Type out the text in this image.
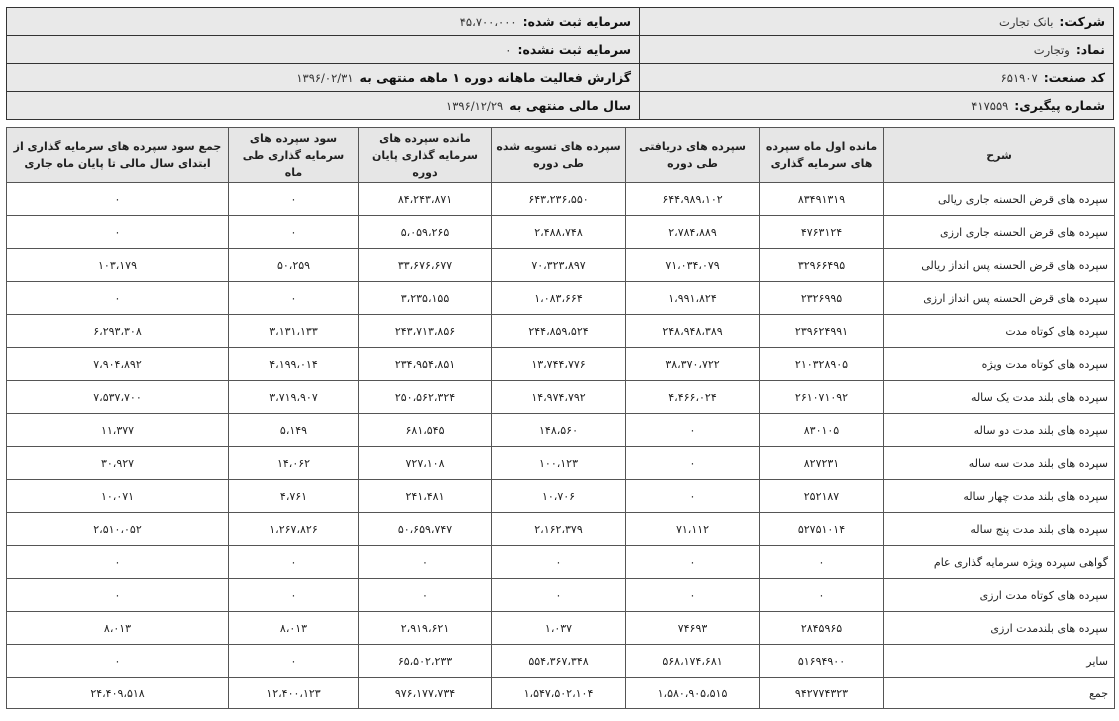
شرکت:
بانک تجارت
نماد:
وتجارت
کد صنعت:
۶۵۱۹۰۷
شماره پیگیری:
۴۱۷۵۵۹
سرمایه ثبت شده:
۴۵،۷۰۰،۰۰۰
سرمایه ثبت نشده:
۰
گزارش فعالیت ماهانه دوره ۱ ماهه منتهی به
۱۳۹۶/۰۲/۳۱
سال مالی منتهی به
۱۳۹۶/۱۲/۲۹
شرح	مانده اول ماه سپرده های سرمایه گذاری	سپرده های دریافتی طی دوره	سپرده های تسویه شده طی دوره	مانده سپرده های سرمایه گذاری پایان دوره	سود سپرده های سرمایه گذاری طی ماه	جمع سود سپرده های سرمایه گذاری از ابتدای سال مالی تا پایان ماه جاری
سپرده های قرض الحسنه جاری ریالی	۸۳۴۹۱۳۱۹	۶۴۴،۹۸۹،۱۰۲	۶۴۳،۲۳۶،۵۵۰	۸۴،۲۴۳،۸۷۱	۰	۰
سپرده های قرض الحسنه جاری ارزی	۴۷۶۳۱۲۴	۲،۷۸۴،۸۸۹	۲،۴۸۸،۷۴۸	۵،۰۵۹،۲۶۵	۰	۰
سپرده های قرض الحسنه پس انداز ریالی	۳۲۹۶۶۴۹۵	۷۱،۰۳۴،۰۷۹	۷۰،۳۲۳،۸۹۷	۳۳،۶۷۶،۶۷۷	۵۰،۲۵۹	۱۰۳،۱۷۹
سپرده های قرض الحسنه پس انداز ارزی	۲۳۲۶۹۹۵	۱،۹۹۱،۸۲۴	۱،۰۸۳،۶۶۴	۳،۲۳۵،۱۵۵	۰	۰
سپرده های کوتاه مدت	۲۳۹۶۲۴۹۹۱	۲۴۸،۹۴۸،۳۸۹	۲۴۴،۸۵۹،۵۲۴	۲۴۳،۷۱۳،۸۵۶	۳،۱۳۱،۱۳۳	۶،۲۹۳،۳۰۸
سپرده های کوتاه مدت ویژه	۲۱۰۳۲۸۹۰۵	۳۸،۳۷۰،۷۲۲	۱۳،۷۴۴،۷۷۶	۲۳۴،۹۵۴،۸۵۱	۴،۱۹۹،۰۱۴	۷،۹۰۴،۸۹۲
سپرده های بلند مدت یک ساله	۲۶۱۰۷۱۰۹۲	۴،۴۶۶،۰۲۴	۱۴،۹۷۴،۷۹۲	۲۵۰،۵۶۲،۳۲۴	۳،۷۱۹،۹۰۷	۷،۵۳۷،۷۰۰
سپرده های بلند مدت دو ساله	۸۳۰۱۰۵	۰	۱۴۸،۵۶۰	۶۸۱،۵۴۵	۵،۱۴۹	۱۱،۳۷۷
سپرده های بلند مدت سه ساله	۸۲۷۲۳۱	۰	۱۰۰،۱۲۳	۷۲۷،۱۰۸	۱۴،۰۶۲	۳۰،۹۲۷
سپرده های بلند مدت چهار ساله	۲۵۲۱۸۷	۰	۱۰،۷۰۶	۲۴۱،۴۸۱	۴،۷۶۱	۱۰،۰۷۱
سپرده های بلند مدت پنج ساله	۵۲۷۵۱۰۱۴	۷۱،۱۱۲	۲،۱۶۲،۳۷۹	۵۰،۶۵۹،۷۴۷	۱،۲۶۷،۸۲۶	۲،۵۱۰،۰۵۲
گواهی سپرده ویژه سرمایه گذاری عام	۰	۰	۰	۰	۰	۰
سپرده های کوتاه مدت ارزی	۰	۰	۰	۰	۰	۰
سپرده های بلندمدت ارزی	۲۸۴۵۹۶۵	۷۴۶۹۳	۱،۰۳۷	۲،۹۱۹،۶۲۱	۸،۰۱۳	۸،۰۱۳
سایر	۵۱۶۹۴۹۰۰	۵۶۸،۱۷۴،۶۸۱	۵۵۴،۳۶۷،۳۴۸	۶۵،۵۰۲،۲۳۳	۰	۰
جمع	۹۴۲۷۷۴۳۲۳	۱،۵۸۰،۹۰۵،۵۱۵	۱،۵۴۷،۵۰۲،۱۰۴	۹۷۶،۱۷۷،۷۳۴	۱۲،۴۰۰،۱۲۳	۲۴،۴۰۹،۵۱۸
